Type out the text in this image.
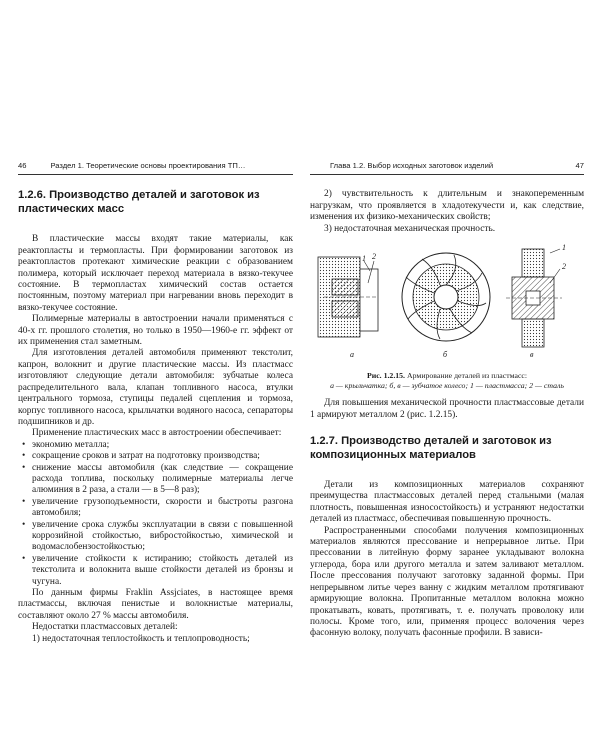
46	Раздел 1. Теоретические основы проектирования ТП…
1.2.6. Производство деталей и заготовок из пластических масс

В пластические массы входят такие материалы, как реактопласты и термопласты. При формировании заготовок из реактопластов протекают химические реакции с образованием полимера, который исключает переход материала в вязко-текучее состояние. В термопластах химический состав остается постоянным, поэтому материал при нагревании вновь переходит в вязко-текучее состояние.

Полимерные материалы в автостроении начали применяться с 40-х гг. прошлого столетия, но только в 1950—1960-е гг. эффект от их применения стал заметным.

Для изготовления деталей автомобиля применяют текстолит, капрон, волокнит и другие пластические массы. Из пластмасс изготовляют следующие детали автомобиля: зубчатые колеса распределительного вала, клапан топливного насоса, втулки центрального тормоза, ступицы педалей сцепления и тормоза, корпус топливного насоса, крыльчатки водяного насоса, сепараторы подшипников и др.

Применение пластических масс в автостроении обеспечивает:

• экономию металла;
• сокращение сроков и затрат на подготовку производства;
• снижение массы автомобиля (как следствие — сокращение расхода топлива, поскольку полимерные материалы легче алюминия в 2 раза, а стали — в 5—8 раз);
• увеличение грузоподъемности, скорости и быстроты разгона автомобиля;
• увеличение срока службы эксплуатации в связи с повышенной коррозийной стойкостью, вибростойкостью, химической и водомаслобензостойкостью;
• увеличение стойкости к истиранию; стойкость деталей из текстолита и волокнита выше стойкости деталей из бронзы и чугуна.

По данным фирмы Fraklin Assjciates, в настоящее время пластмассы, включая пенистые и волокнистые материалы, составляют около 27 % массы автомобиля.

Недостатки пластмассовых деталей:

1) недостаточная теплостойкость и теплопроводность;

Глава 1.2. Выбор исходных заготовок изделий	47

2) чувствительность к длительным и знакопеременным нагрузкам, что проявляется в хладотекучести и, как следствие, изменения их физико-механических свойств;

3) недостаточная механическая прочность.

а	б	в
2
1
1
2
Рис. 1.2.15. Армирование деталей из пластмасс:
а — крыльчатка; б, в — зубчатое колесо; 1 — пластмасса; 2 — сталь

Для повышения механической прочности пластмассовые детали 1 армируют металлом 2 (рис. 1.2.15).

1.2.7. Производство деталей и заготовок из композиционных материалов

Детали из композиционных материалов сохраняют преимущества пластмассовых деталей перед стальными (малая плотность, повышенная износостойкость) и устраняют недостатки деталей из пластмасс, обеспечивая повышенную прочность.

Распространенными способами получения композиционных материалов являются прессование и непрерывное литье. При прессовании в литейную форму заранее укладывают волокна углерода, бора или другого металла и затем заливают металлом. После прессования получают заготовку заданной формы. При непрерывном литье через ванну с жидким металлом протягивают армирующие волокна. Пропитанные металлом волокна можно прокатывать, ковать, протягивать, т. е. получать проволоку или полосы. Кроме того, или, применяя процесс волочения через фасонную волоку, получать фасонные профили. В зависи-
